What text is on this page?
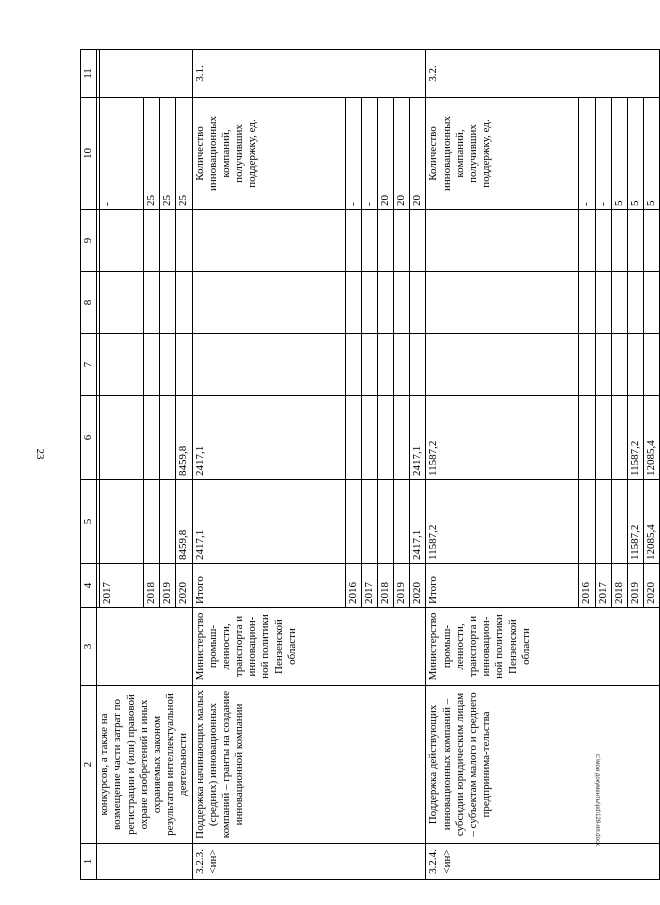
23
c:\мои документы\pd\128-пп.docx
1	2	3	4	5	6	7	8	9	10	11
	конкурсов, а также на возмещение части затрат по регистрации и (или) правовой охране изобретений и иных охраняемых законом результатов интеллектуальной деятельности									
			2017						-	
			2018						25	
			2019						25	
			2020	8459,8	8459,8				25	

3.2.3. <ин>	Поддержка начинающих малых (средних) инновационных компаний – гранты на создание инновационной компании	Министерство промыш-ленности, транспорта и инновацион-ной политики Пензенской области	Итого	2417,1	2417,1				Количество инновационных компаний, получивших поддержку, ед.	3.1.
			2016						-	
			2017						-	
			2018						20	
			2019						20	
			2020	2417,1	2417,1				20	

3.2.4. <ин>	Поддержка действующих инновационных компаний – субсидии юридическим лицам – субъектам малого и среднего предпринима-тельства	Министерство промыш-ленности, транспорта и инновацион-ной политики Пензенской области	Итого	11587,2	11587,2				Количество инновационных компаний, получивших поддержку, ед.	3.2.
			2016						-	
			2017						-	
			2018						5	
			2019	11587,2	11587,2				5	
			2020	12085,4	12085,4				5	
